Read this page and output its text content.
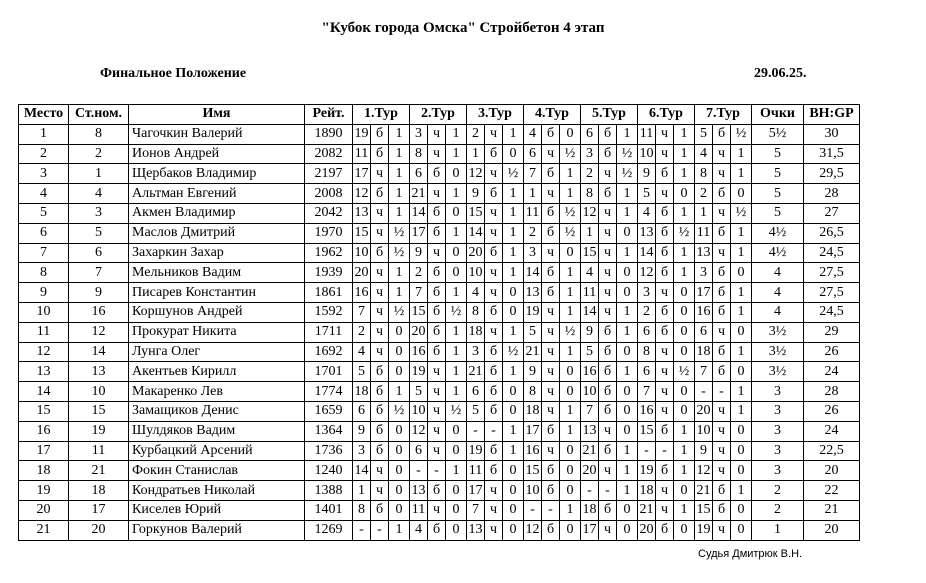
"Кубок города Омска" Стройбетон 4 этап
Финальное Положение	29.06.25.
Место	Ст.ном.	Имя	Рейт.	1.Тур			2.Тур			3.Тур			4.Тур			5.Тур			6.Тур			7.Тур			Очки	BH:GP
1	8	Чагочкин Валерий	1890	19	б	1	3	ч	1	2	ч	1	4	б	0	6	б	1	11	ч	1	5	б	½	5½	30
2	2	Ионов Андрей	2082	11	б	1	8	ч	1	1	б	0	6	ч	½	3	б	½	10	ч	1	4	ч	1	5	31,5
3	1	Щербаков Владимир	2197	17	ч	1	6	б	0	12	ч	½	7	б	1	2	ч	½	9	б	1	8	ч	1	5	29,5
4	4	Альтман Евгений	2008	12	б	1	21	ч	1	9	б	1	1	ч	1	8	б	1	5	ч	0	2	б	0	5	28
5	3	Акмен Владимир	2042	13	ч	1	14	б	0	15	ч	1	11	б	½	12	ч	1	4	б	1	1	ч	½	5	27
6	5	Маслов Дмитрий	1970	15	ч	½	17	б	1	14	ч	1	2	б	½	1	ч	0	13	б	½	11	б	1	4½	26,5
7	6	Захаркин Захар	1962	10	б	½	9	ч	0	20	б	1	3	ч	0	15	ч	1	14	б	1	13	ч	1	4½	24,5
8	7	Мельников Вадим	1939	20	ч	1	2	б	0	10	ч	1	14	б	1	4	ч	0	12	б	1	3	б	0	4	27,5
9	9	Писарев Константин	1861	16	ч	1	7	б	1	4	ч	0	13	б	1	11	ч	0	3	ч	0	17	б	1	4	27,5
10	16	Коршунов Андрей	1592	7	ч	½	15	б	½	8	б	0	19	ч	1	14	ч	1	2	б	0	16	б	1	4	24,5
11	12	Прокурат Никита	1711	2	ч	0	20	б	1	18	ч	1	5	ч	½	9	б	1	6	б	0	6	ч	0	3½	29
12	14	Лунга Олег	1692	4	ч	0	16	б	1	3	б	½	21	ч	1	5	б	0	8	ч	0	18	б	1	3½	26
13	13	Акентьев Кирилл	1701	5	б	0	19	ч	1	21	б	1	9	ч	0	16	б	1	6	ч	½	7	б	0	3½	24
14	10	Макаренко Лев	1774	18	б	1	5	ч	1	6	б	0	8	ч	0	10	б	0	7	ч	0	-	-	1	3	28
15	15	Замащиков Денис	1659	6	б	½	10	ч	½	5	б	0	18	ч	1	7	б	0	16	ч	0	20	ч	1	3	26
16	19	Шулдяков Вадим	1364	9	б	0	12	ч	0	-	-	1	17	б	1	13	ч	0	15	б	1	10	ч	0	3	24
17	11	Курбацкий Арсений	1736	3	б	0	6	ч	0	19	б	1	16	ч	0	21	б	1	-	-	1	9	ч	0	3	22,5
18	21	Фокин Станислав	1240	14	ч	0	-	-	1	11	б	0	15	б	0	20	ч	1	19	б	1	12	ч	0	3	20
19	18	Кондратьев Николай	1388	1	ч	0	13	б	0	17	ч	0	10	б	0	-	-	1	18	ч	0	21	б	1	2	22
20	17	Киселев Юрий	1401	8	б	0	11	ч	0	7	ч	0	-	-	1	18	б	0	21	ч	1	15	б	0	2	21
21	20	Горкунов Валерий	1269	-	-	1	4	б	0	13	ч	0	12	б	0	17	ч	0	20	б	0	19	ч	0	1	20
Судья Дмитрюк В.Н.
